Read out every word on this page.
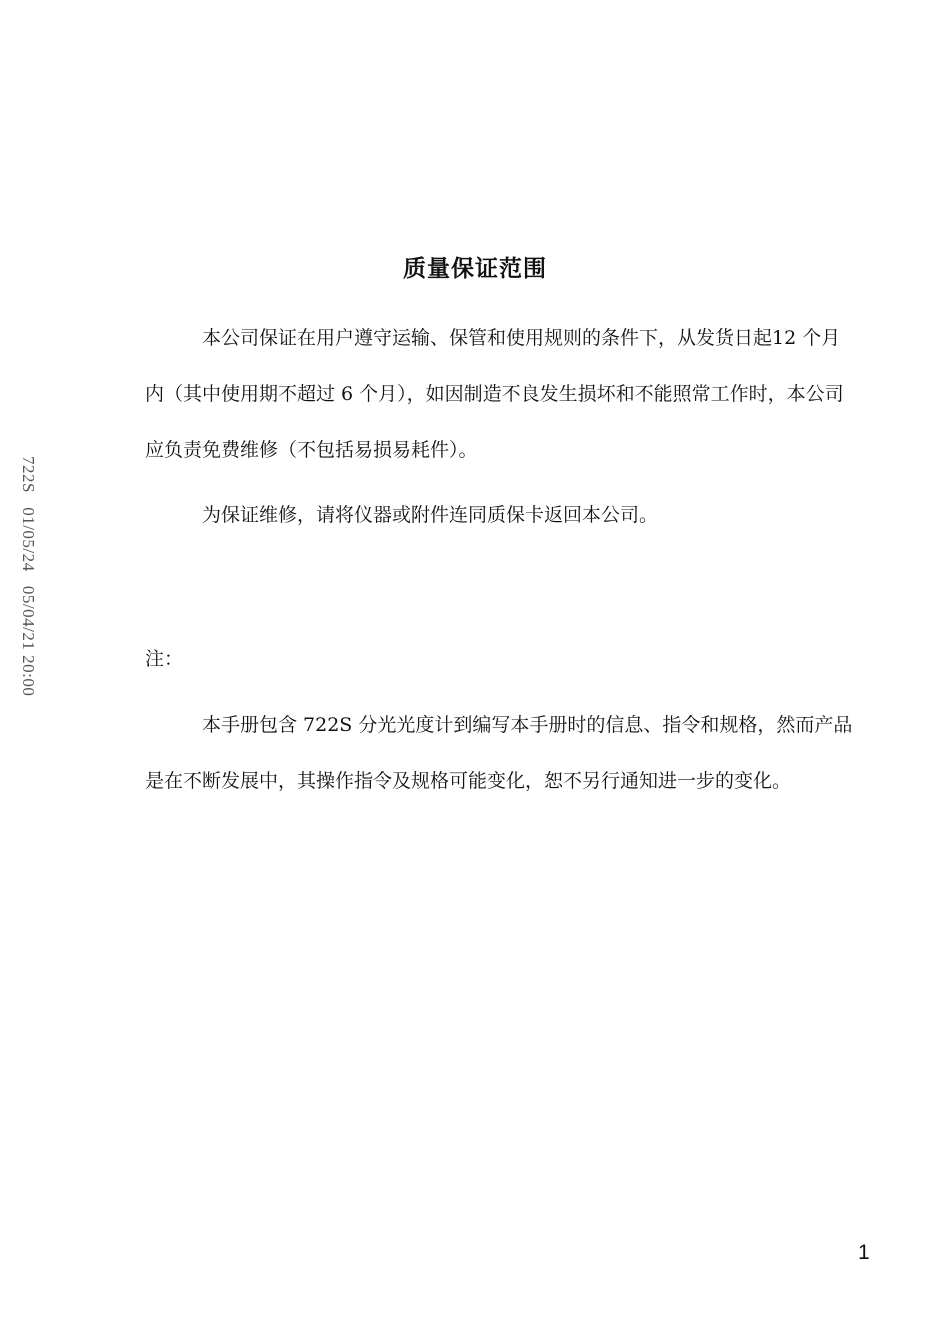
722S   01/05/24   05/04/21 20:00
质量保证范围

本公司保证在用户遵守运输、保管和使用规则的条件下，从发货日起12 个月内（其中使用期不超过 6 个月），如因制造不良发生损坏和不能照常工作时，本公司应负责免费维修（不包括易损易耗件）。

为保证维修，请将仪器或附件连同质保卡返回本公司。

注：

本手册包含 722S 分光光度计到编写本手册时的信息、指令和规格，然而产品是在不断发展中，其操作指令及规格可能变化，恕不另行通知进一步的变化。

1
